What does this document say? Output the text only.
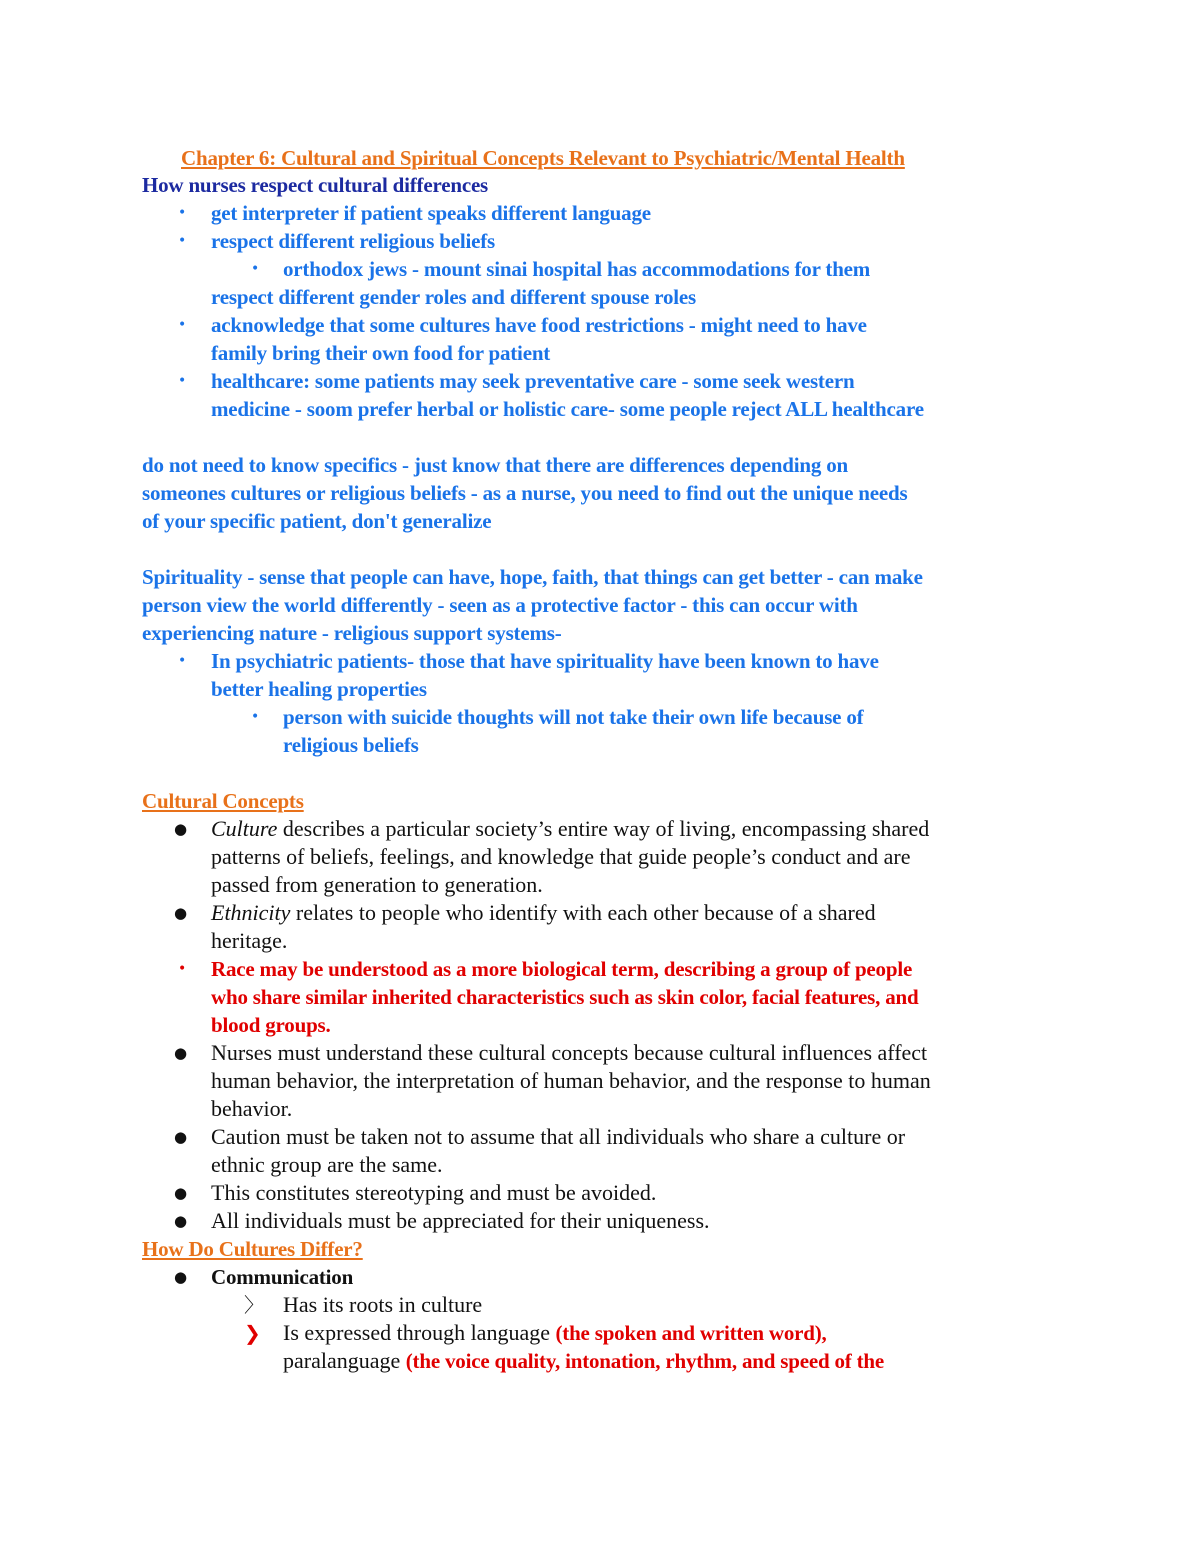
Chapter 6: Cultural and Spiritual Concepts Relevant to Psychiatric/Mental Health
How nurses respect cultural differences
• get interpreter if patient speaks different language
• respect different religious beliefs
• orthodox jews - mount sinai hospital has accommodations for them
respect different gender roles and different spouse roles
• acknowledge that some cultures have food restrictions - might need to have
family bring their own food for patient
• healthcare: some patients may seek preventative care - some seek western
medicine - soom prefer herbal or holistic care- some people reject ALL healthcare
do not need to know specifics - just know that there are differences depending on
someones cultures or religious beliefs - as a nurse, you need to find out the unique needs
of your specific patient, don't generalize
Spirituality - sense that people can have, hope, faith, that things can get better - can make
person view the world differently - seen as a protective factor - this can occur with
experiencing nature - religious support systems-
• In psychiatric patients- those that have spirituality have been known to have
better healing properties
• person with suicide thoughts will not take their own life because of
religious beliefs
Cultural Concepts
● Culture describes a particular society’s entire way of living, encompassing shared
patterns of beliefs, feelings, and knowledge that guide people’s conduct and are
passed from generation to generation.
● Ethnicity relates to people who identify with each other because of a shared
heritage.
• Race may be understood as a more biological term, describing a group of people
who share similar inherited characteristics such as skin color, facial features, and
blood groups.
● Nurses must understand these cultural concepts because cultural influences affect
human behavior, the interpretation of human behavior, and the response to human
behavior.
● Caution must be taken not to assume that all individuals who share a culture or
ethnic group are the same.
● This constitutes stereotyping and must be avoided.
● All individuals must be appreciated for their uniqueness.
How Do Cultures Differ?
● Communication
〉 Has its roots in culture
❯ Is expressed through language (the spoken and written word),
paralanguage (the voice quality, intonation, rhythm, and speed of the
